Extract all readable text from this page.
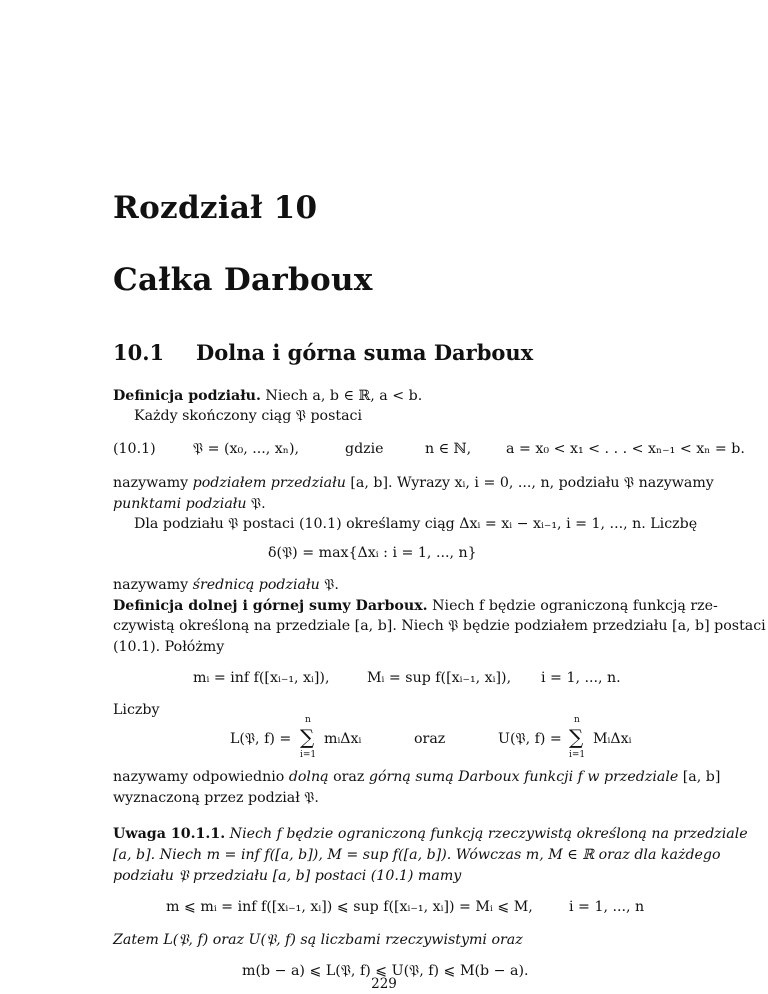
Rozdział 10
Całka Darboux
10.1 Dolna i górna suma Darboux
Definicja podziału. Niech a, b ∈ ℝ, a < b.
Każdy skończony ciąg 𝔓 postaci
(10.1)	𝔓 = (x₀, ..., xₙ),	gdzie	n ∈ ℕ, a = x₀ < x₁ < . . . < xₙ₋₁ < xₙ = b.
nazywamy podziałem przedziału [a, b]. Wyrazy xᵢ, i = 0, ..., n, podziału 𝔓 nazywamy
punktami podziału 𝔓.
Dla podziału 𝔓 postaci (10.1) określamy ciąg Δxᵢ = xᵢ − xᵢ₋₁, i = 1, ..., n. Liczbę
δ(𝔓) = max{Δxᵢ : i = 1, ..., n}
nazywamy średnicą podziału 𝔓.
Definicja dolnej i górnej sumy Darboux. Niech f będzie ograniczoną funkcją rze-
czywistą określoną na przedziale [a, b]. Niech 𝔓 będzie podziałem przedziału [a, b] postaci
(10.1). Połóżmy
mᵢ = inf f([xᵢ₋₁, xᵢ]),	Mᵢ = sup f([xᵢ₋₁, xᵢ]), i = 1, ..., n.
Liczby
L(𝔓, f) =
n
∑
i=1
mᵢΔxᵢ	oraz	U(𝔓, f) =
n
∑
i=1
MᵢΔxᵢ
nazywamy odpowiednio dolną oraz górną sumą Darboux funkcji f w przedziale [a, b]
wyznaczoną przez podział 𝔓.
Uwaga 10.1.1. Niech f będzie ograniczoną funkcją rzeczywistą określoną na przedziale
[a, b]. Niech m = inf f([a, b]), M = sup f([a, b]). Wówczas m, M ∈ ℝ oraz dla każdego
podziału 𝔓 przedziału [a, b] postaci (10.1) mamy
m ⩽ mᵢ = inf f([xᵢ₋₁, xᵢ]) ⩽ sup f([xᵢ₋₁, xᵢ]) = Mᵢ ⩽ M,	i = 1, ..., n
Zatem L(𝔓, f) oraz U(𝔓, f) są liczbami rzeczywistymi oraz
m(b − a) ⩽ L(𝔓, f) ⩽ U(𝔓, f) ⩽ M(b − a).
229
